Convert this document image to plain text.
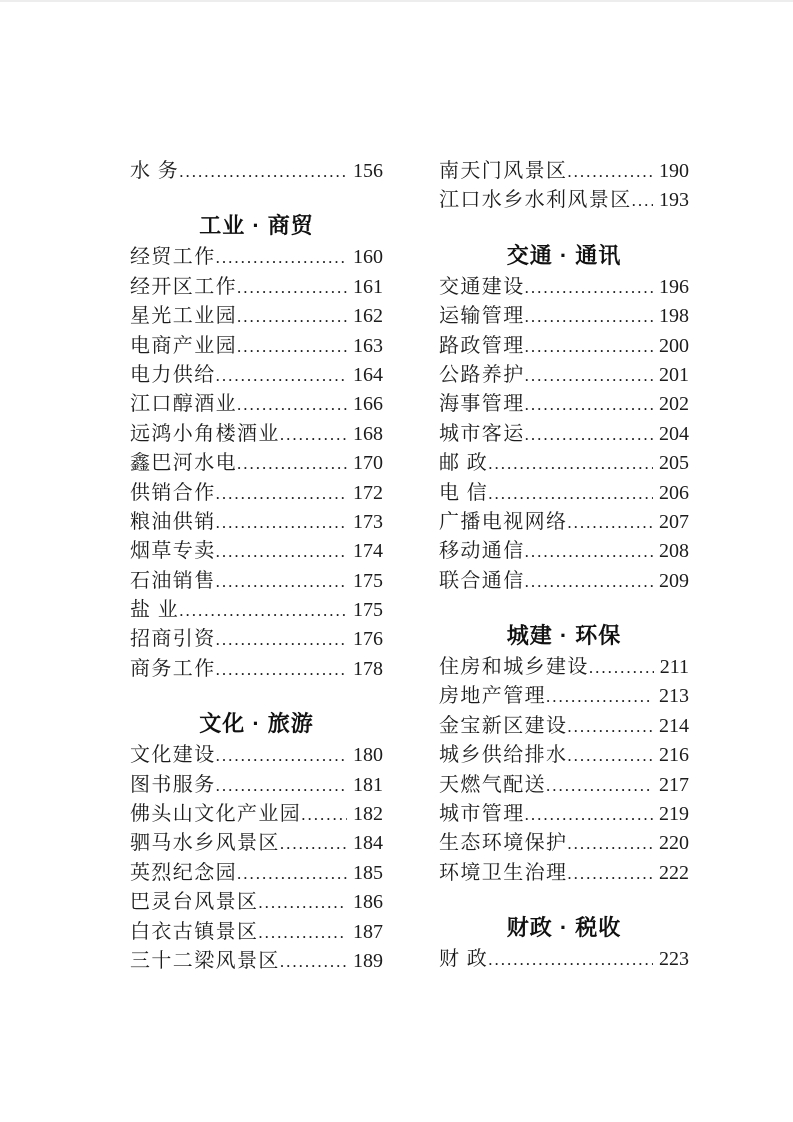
水 务 .....	156
工业 · 商贸
经贸工作 .....	160
经开区工作 .....	161
星光工业园 .....	162
电商产业园 .....	163
电力供给 .....	164
江口醇酒业 .....	166
远鸿小角楼酒业 .....	168
鑫巴河水电 .....	170
供销合作 .....	172
粮油供销 .....	173
烟草专卖 .....	174
石油销售 .....	175
盐 业 .....	175
招商引资 .....	176
商务工作 .....	178
文化 · 旅游
文化建设 .....	180
图书服务 .....	181
佛头山文化产业园 .....	182
驷马水乡风景区 .....	184
英烈纪念园 .....	185
巴灵台风景区 .....	186
白衣古镇景区 .....	187
三十二梁风景区 .....	189
南天门风景区 .....	190
江口水乡水利风景区 ..... 193
交通 · 通讯
交通建设 .....	196
运输管理 .....	198
路政管理 .....	200
公路养护 .....	201
海事管理 .....	202
城市客运 .....	204
邮 政 .....	205
电 信 .....	206
广播电视网络 .....	207
移动通信 .....	208
联合通信 .....	209
城建 · 环保
住房和城乡建设 .....	211
房地产管理 .....	213
金宝新区建设 .....	214
城乡供给排水 .....	216
天燃气配送 .....	217
城市管理 .....	219
生态环境保护 .....	220
环境卫生治理 .....	222
财政 · 税收
财 政 .....	223
